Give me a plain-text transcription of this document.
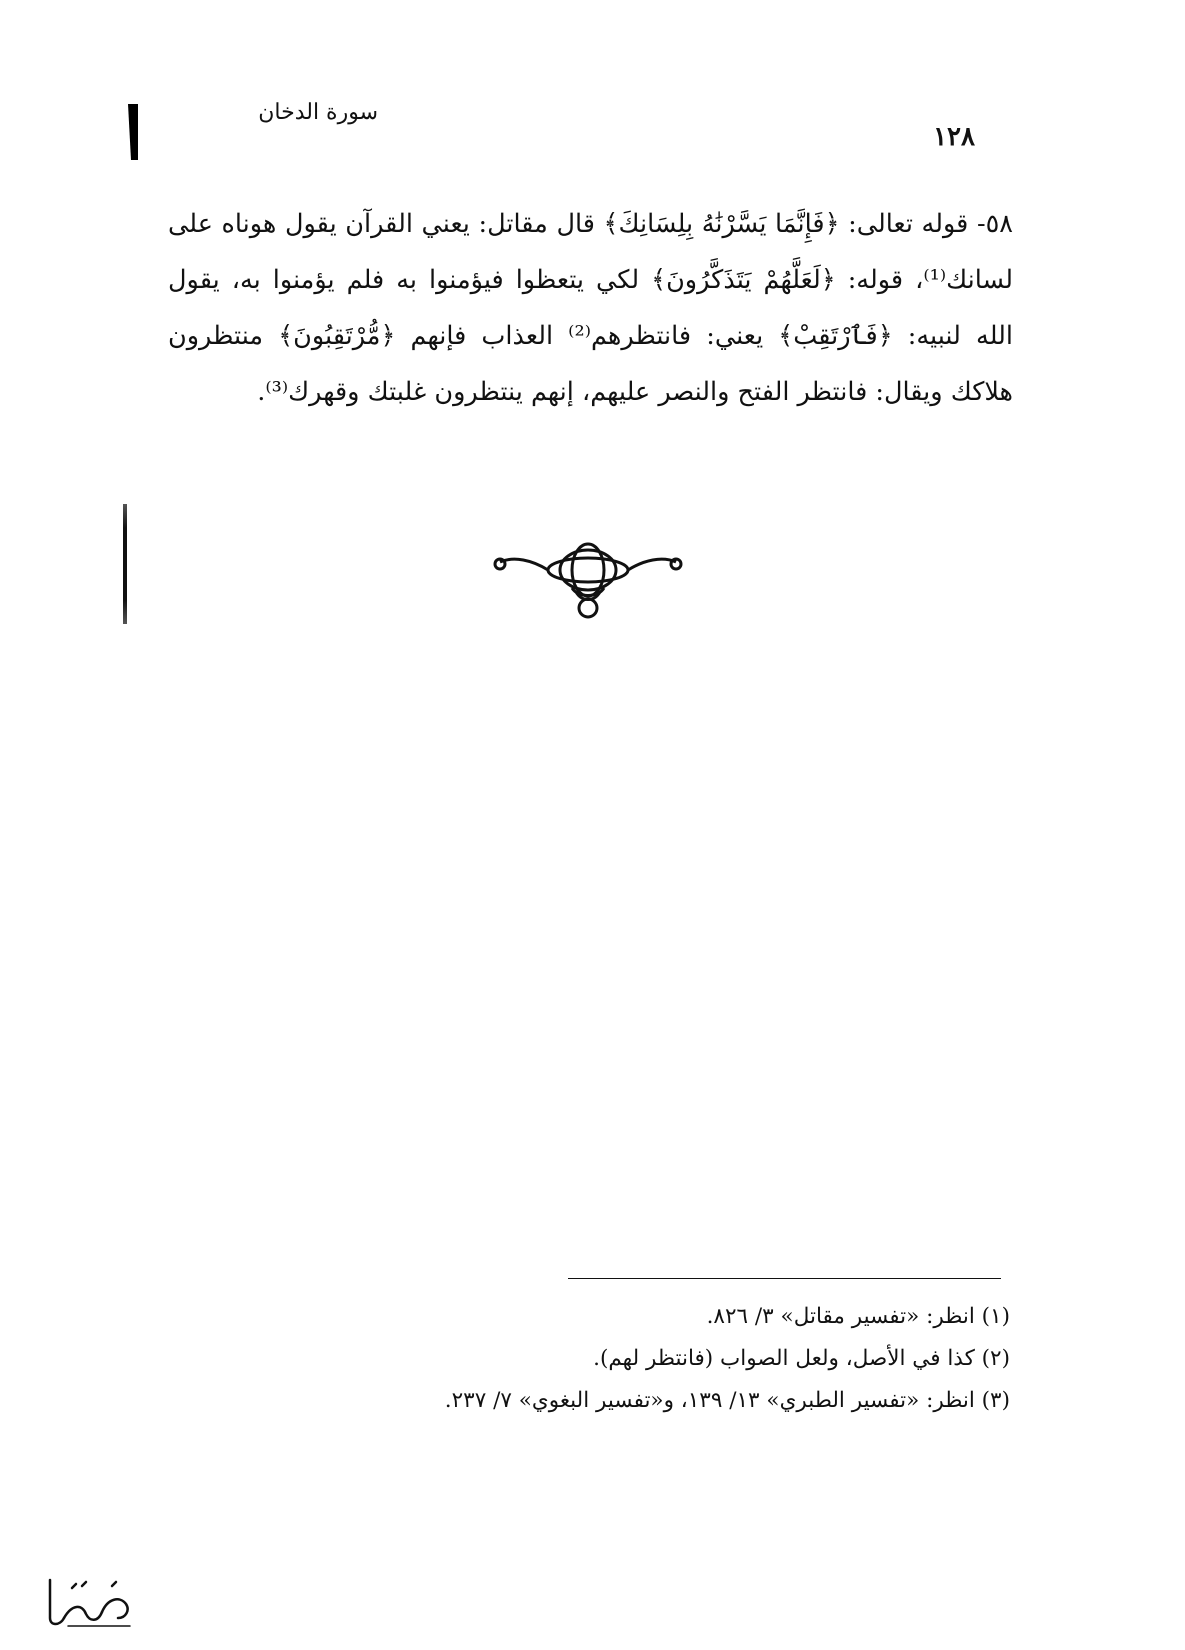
سورة الدخان
١٢٨

٥٨- قوله تعالى: ﴿فَإِنَّمَا يَسَّرْنَٰهُ بِلِسَانِكَ﴾ قال مقاتل: يعني القرآن يقول هوناه على لسانك⁽¹⁾، قوله: ﴿لَعَلَّهُمْ يَتَذَكَّرُونَ﴾ لكي يتعظوا فيؤمنوا به فلم يؤمنوا به، يقول الله لنبيه: ﴿فَٱرْتَقِبْ﴾ يعني: فانتظرهم⁽²⁾ العذاب فإنهم ﴿مُّرْتَقِبُونَ﴾ منتظرون هلاكك ويقال: فانتظر الفتح والنصر عليهم، إنهم ينتظرون غلبتك وقهرك⁽³⁾.

(١) انظر: «تفسير مقاتل» ٣/ ٨٢٦.
(٢) كذا في الأصل، ولعل الصواب (فانتظر لهم).
(٣) انظر: «تفسير الطبري» ١٣/ ١٣٩، و«تفسير البغوي» ٧/ ٢٣٧.
